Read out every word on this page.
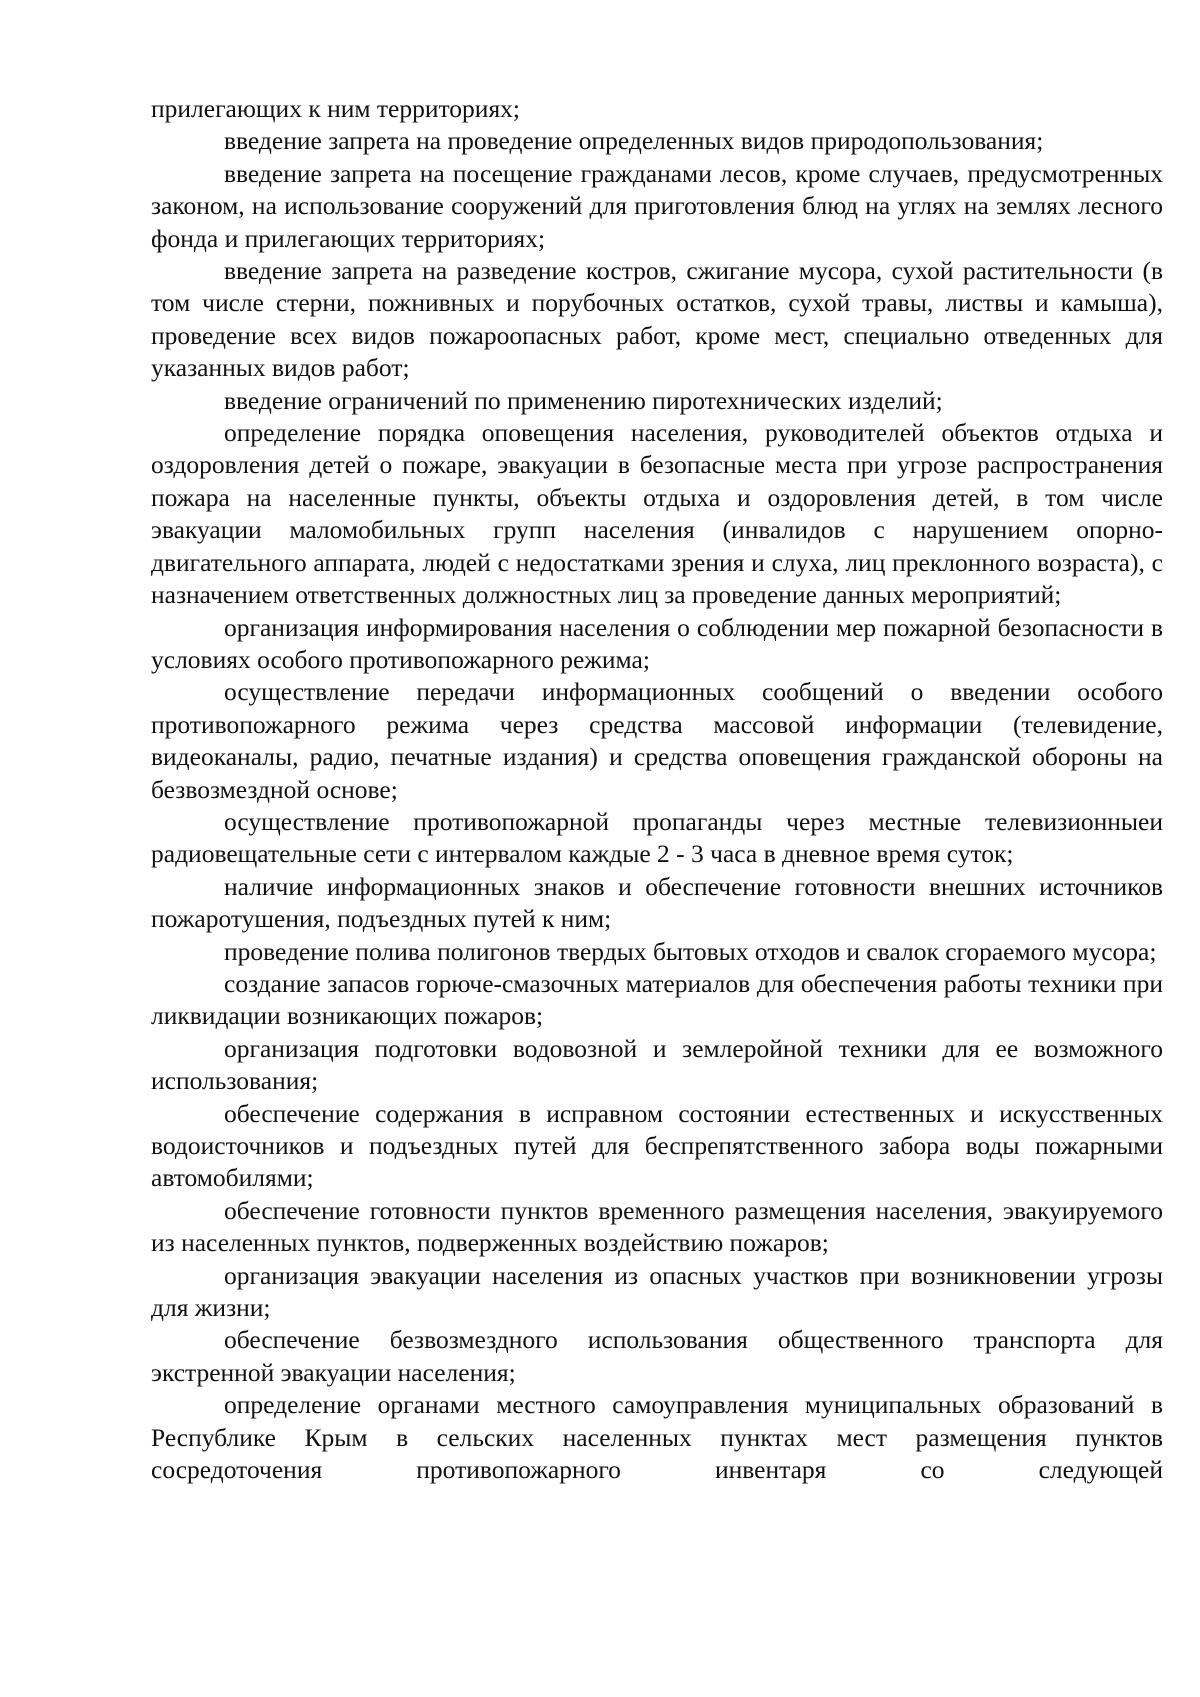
прилегающих к ним территориях;

введение запрета на проведение определенных видов природопользования;

введение запрета на посещение гражданами лесов, кроме случаев, предусмотренных законом, на использование сооружений для приготовления блюд на углях на землях лесного фонда и прилегающих территориях;

введение запрета на разведение костров, сжигание мусора, сухой растительности (в том числе стерни, пожнивных и порубочных остатков, сухой травы, листвы и камыша), проведение всех видов пожароопасных работ, кроме мест, специально отведенных для указанных видов работ;

введение ограничений по применению пиротехнических изделий;

определение порядка оповещения населения, руководителей объектов отдыха и оздоровления детей о пожаре, эвакуации в безопасные места при угрозе распространения пожара на населенные пункты, объекты отдыха и оздоровления детей, в том числе эвакуации маломобильных групп населения (инвалидов с нарушением опорно-двигательного аппарата, людей с недостатками зрения и слуха, лиц преклонного возраста), с назначением ответственных должностных лиц за проведение данных мероприятий;

организация информирования населения о соблюдении мер пожарной безопасности в условиях особого противопожарного режима;

осуществление передачи информационных сообщений о введении особого противопожарного режима через средства массовой информации (телевидение, видеоканалы, радио, печатные издания) и средства оповещения гражданской обороны на безвозмездной основе;

осуществление противопожарной пропаганды через местные телевизионныеи радиовещательные сети с интервалом каждые 2 - 3 часа в дневное время суток;

наличие информационных знаков и обеспечение готовности внешних источников пожаротушения, подъездных путей к ним;

проведение полива полигонов твердых бытовых отходов и свалок сгораемого мусора;

создание запасов горюче-смазочных материалов для обеспечения работы техники при ликвидации возникающих пожаров;

организация подготовки водовозной и землеройной техники для ее возможного использования;

обеспечение содержания в исправном состоянии естественных и искусственных водоисточников и подъездных путей для беспрепятственного забора воды пожарными автомобилями;

обеспечение готовности пунктов временного размещения населения, эвакуируемого из населенных пунктов, подверженных воздействию пожаров;

организация эвакуации населения из опасных участков при возникновении угрозы для жизни;

обеспечение безвозмездного использования общественного транспорта для экстренной эвакуации населения;

определение органами местного самоуправления муниципальных образований в Республике Крым в сельских населенных пунктах мест размещения пунктов сосредоточения противопожарного инвентаря со следующей
